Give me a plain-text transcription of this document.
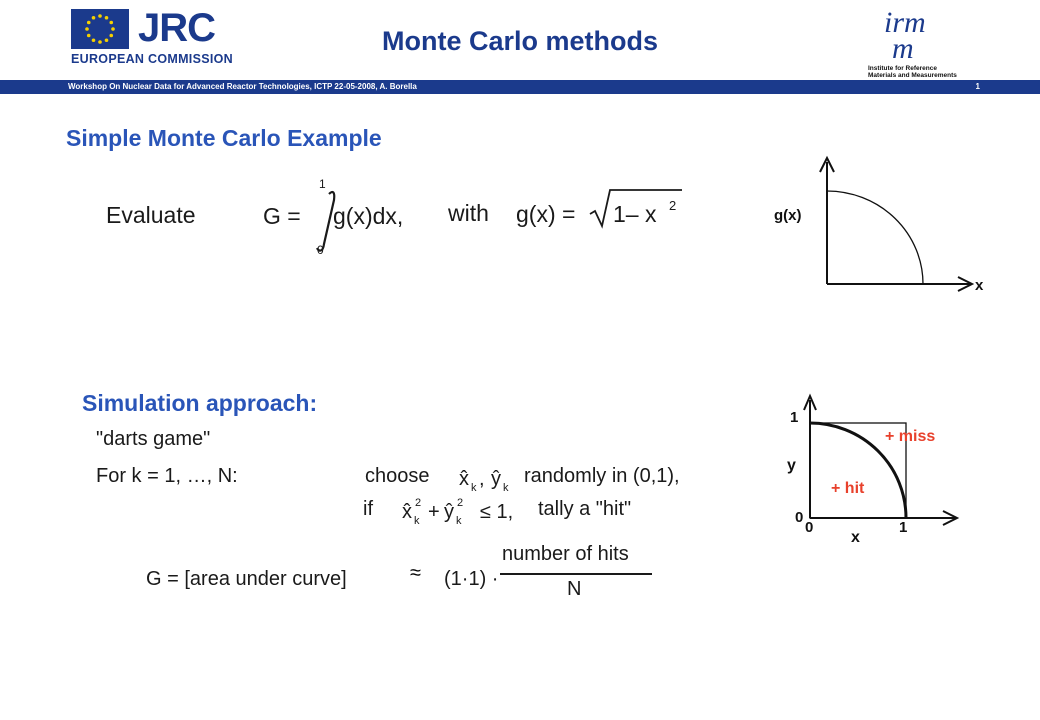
JRC
EUROPEAN COMMISSION
Monte Carlo methods
irm
m
Institute for Reference
Materials and Measurements
Workshop On Nuclear Data for Advanced Reactor Technologies, ICTP 22-05-2008, A. Borella	1
Simple Monte Carlo Example
Evaluate	G =
1
0
g(x)dx, with g(x) = 1– x 2
g(x)
x
Simulation approach:
"darts game"
For k = 1, …, N:	choose x̂ k , ŷ k
randomly in (0,1),
if x̂ k
2 + ŷ k
2 ≤ 1, tally a "hit"
G = [area under curve]	≈ (1·1) ·
number of hits
N
1
y
0
0
x
1
+ miss
+ hit
